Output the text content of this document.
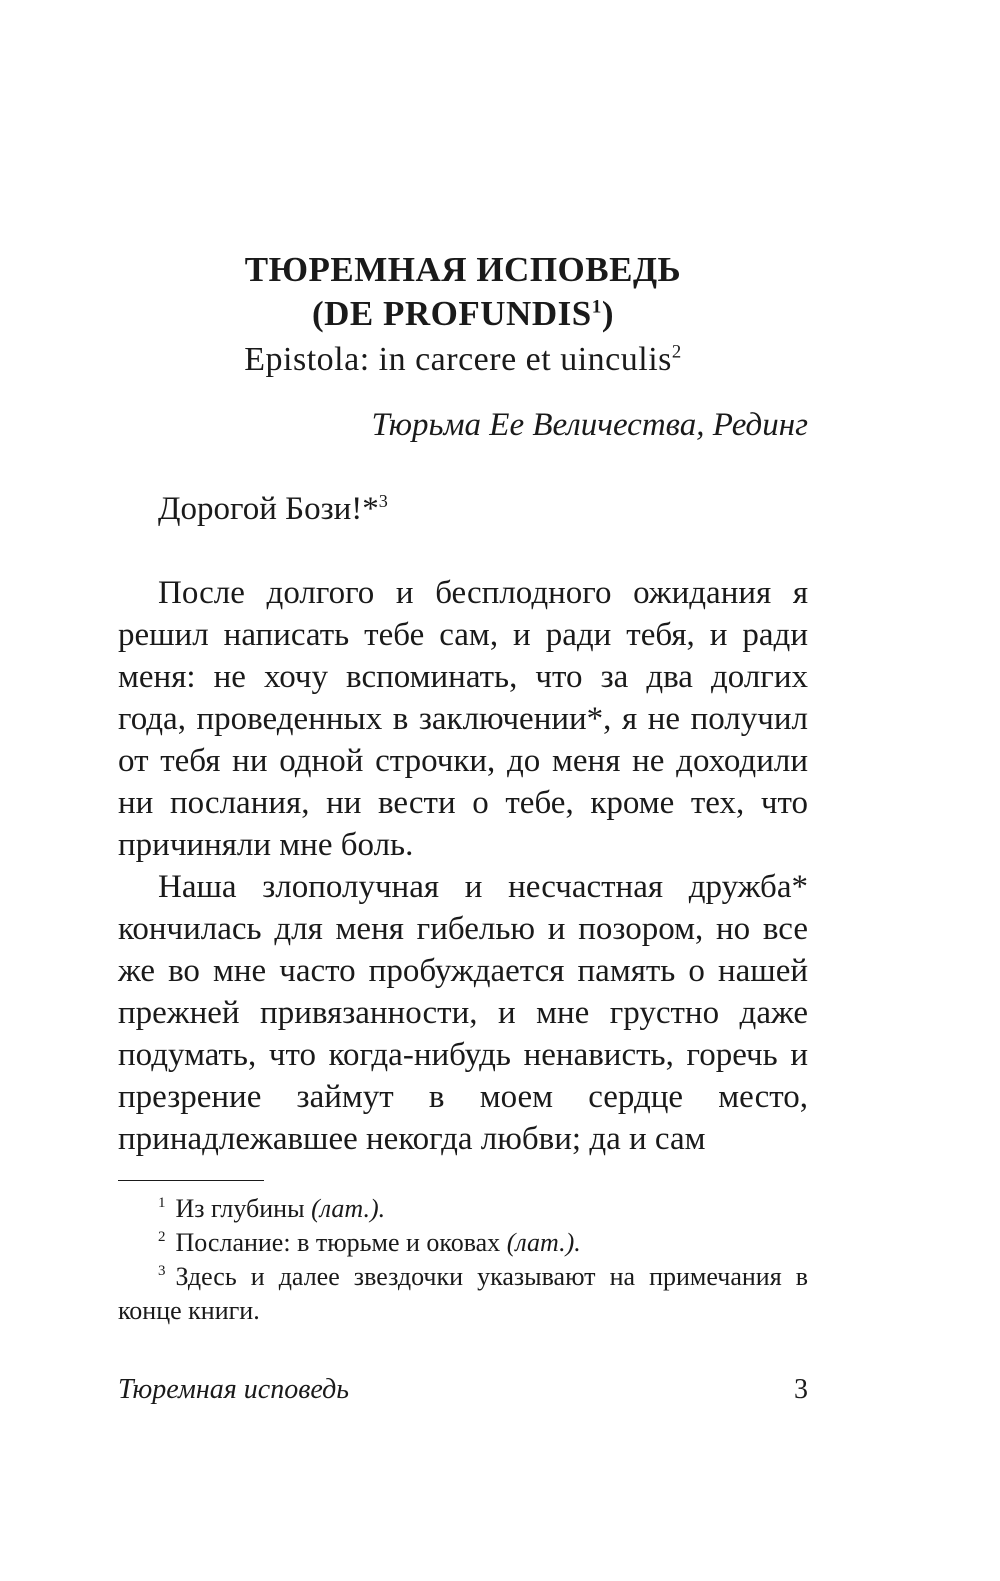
ТЮРЕМНАЯ ИСПОВЕДЬ
(DE PROFUNDIS$^1$)
Epistola: in carcere et uinculis$^2$
Тюрьма Ее Величества, Рединг
Дорогой Бози!*$^3$

После долгого и бесплодного ожидания я решил написать тебе сам, и ради тебя, и ради меня: не хочу вспоминать, что за два долгих года, проведенных в заключении*, я не получил от тебя ни одной строчки, до меня не доходили ни послания, ни вести о тебе, кроме тех, что причиняли мне боль.

Наша злополучная и несчастная дружба* кончилась для меня гибелью и позором, но все же во мне часто пробуждается память о нашей прежней привязанности, и мне грустно даже подумать, что когда-нибудь ненависть, горечь и презрение займут в моем сердце место, принадлежавшее некогда любви; да и сам

$^1$ Из глубины (лат.).

$^2$ Послание: в тюрьме и оковах (лат.).

$^3$ Здесь и далее звездочки указывают на примечания в конце книги.

Тюремная исповедь	3
